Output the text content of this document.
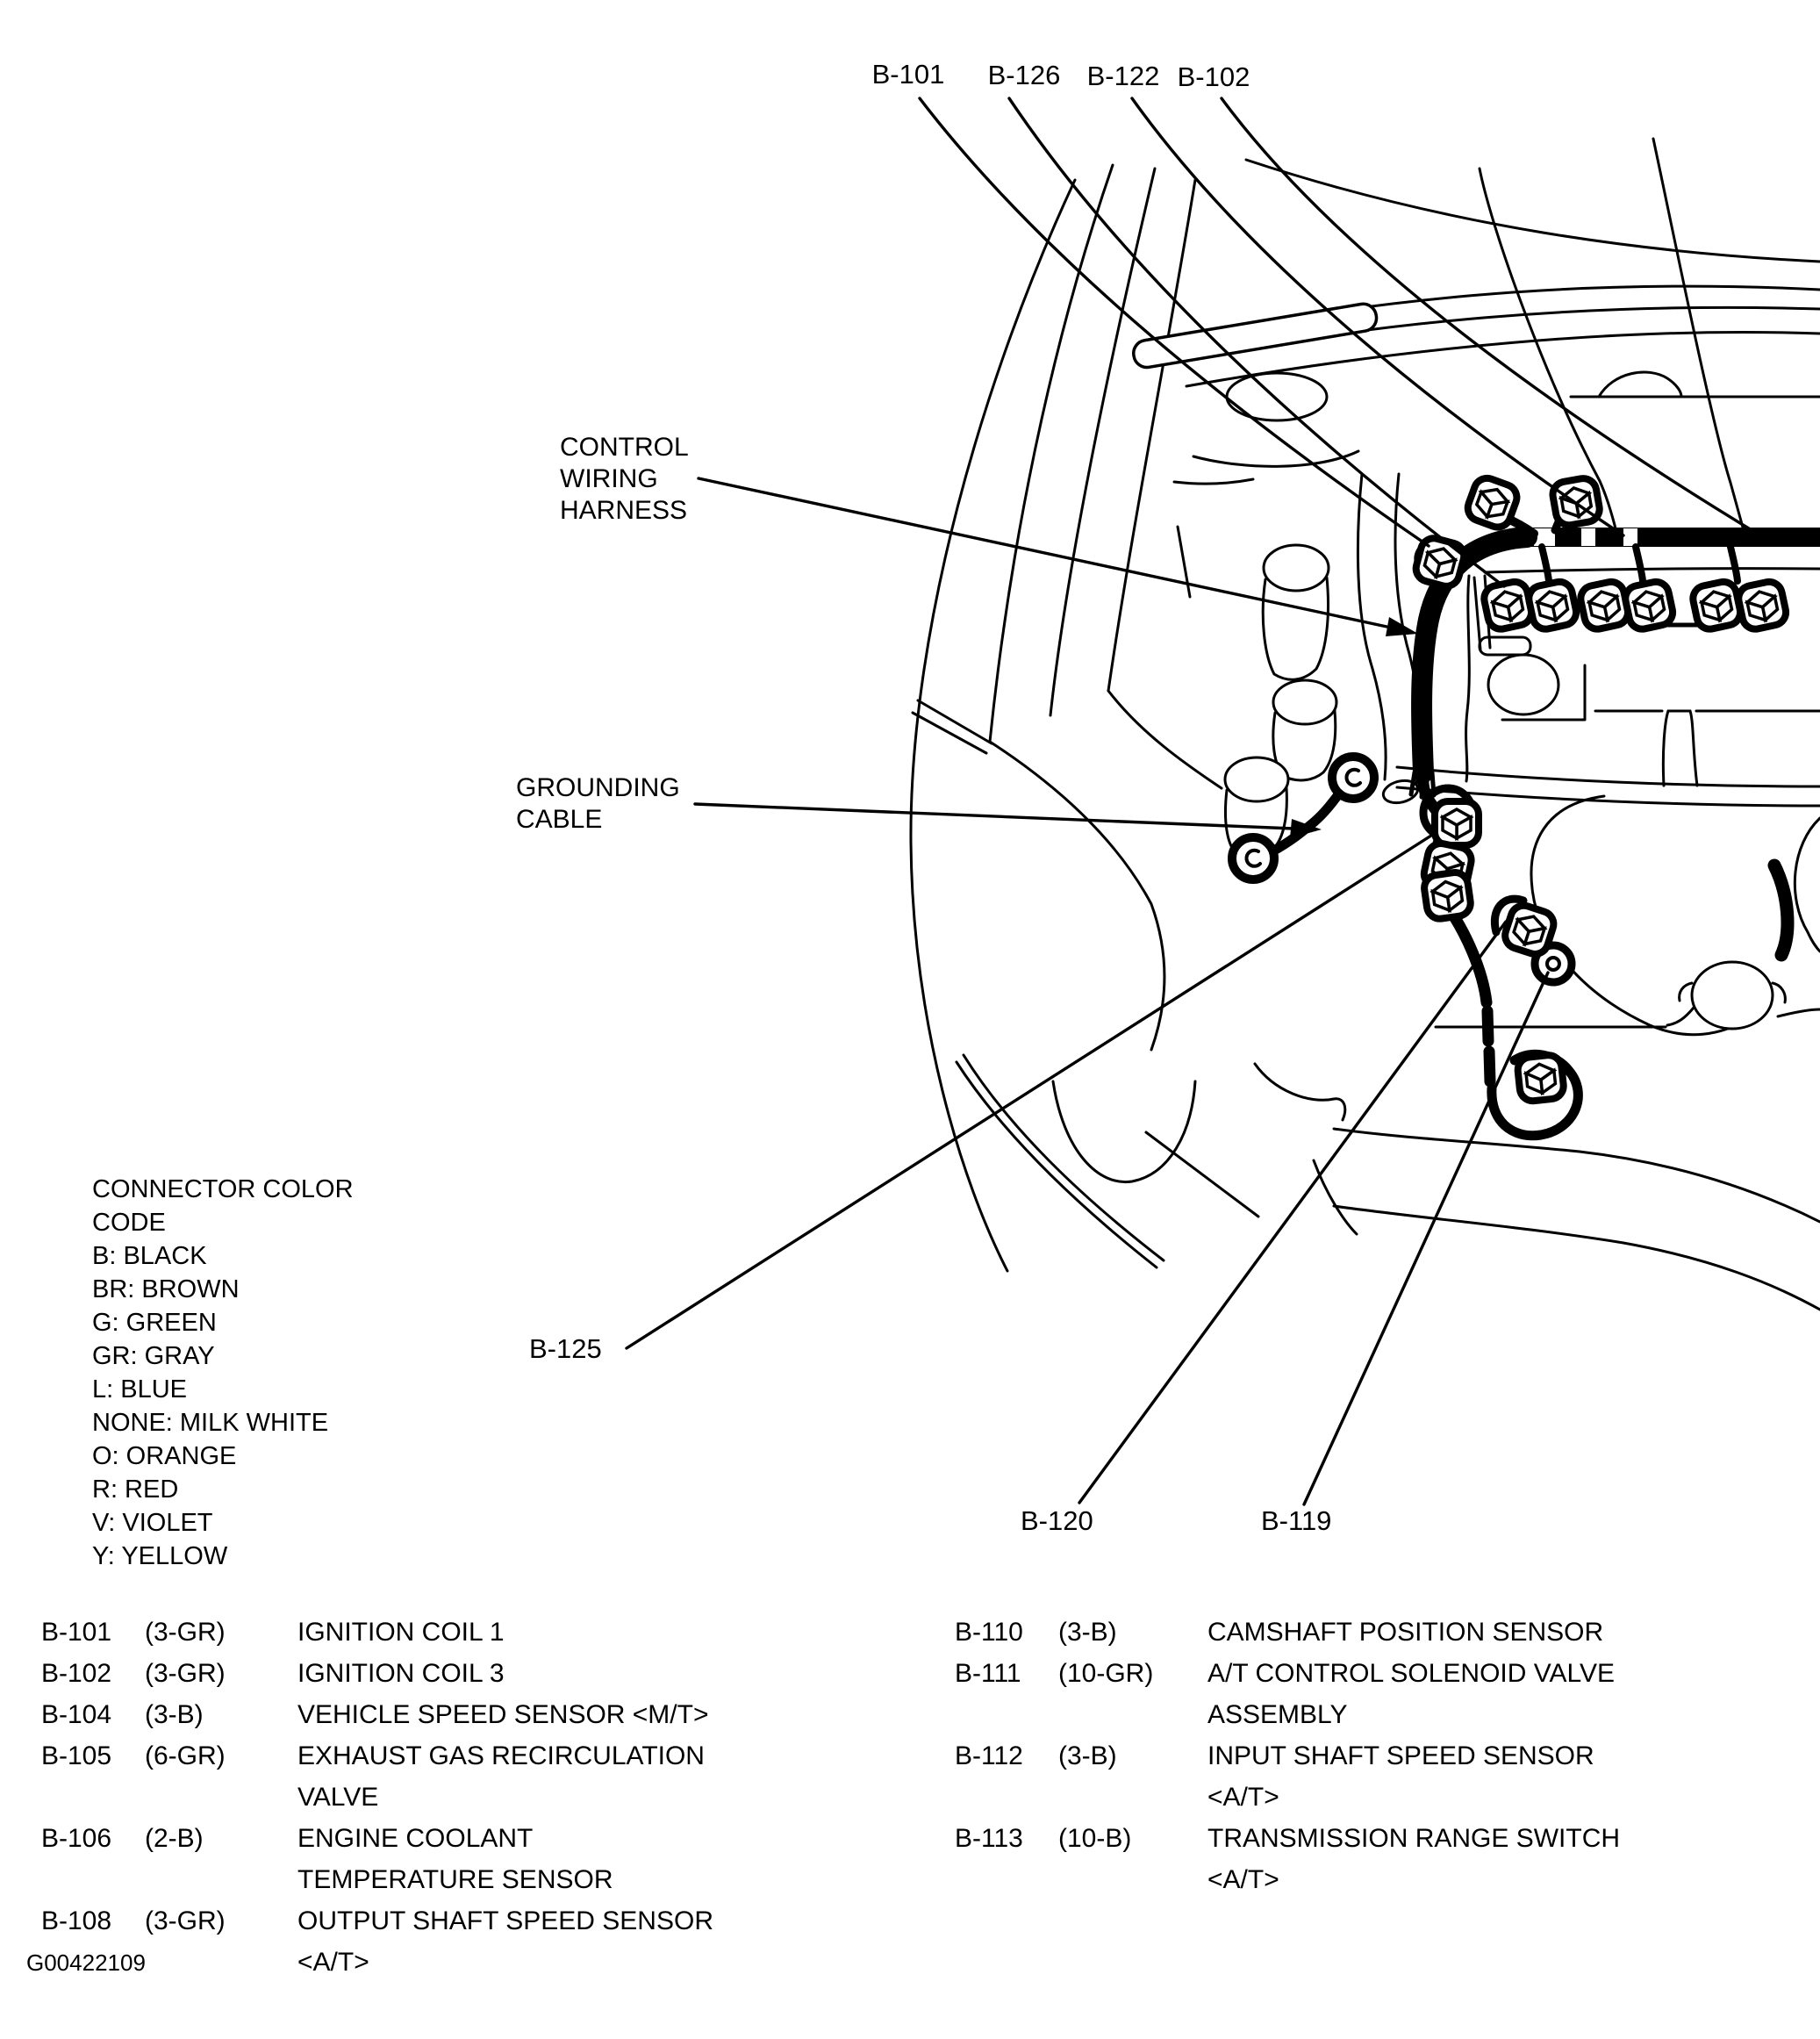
B-101	B-126 B-122 B-102
CONTROL WIRING HARNESS
GROUNDING CABLE
B-125
B-120	B-119
CONNECTOR COLOR CODE
B: BLACK
BR: BROWN
G: GREEN
GR: GRAY
L: BLUE
NONE: MILK WHITE
O: ORANGE
R: RED
V: VIOLET
Y: YELLOW
B-101	(3-GR)	IGNITION COIL 1
B-102	(3-GR)	IGNITION COIL 3
B-104	(3-B)	VEHICLE SPEED SENSOR <M/T>
B-105	(6-GR)	EXHAUST GAS RECIRCULATION VALVE
B-106	(2-B)	ENGINE COOLANT TEMPERATURE SENSOR
B-108	(3-GR)	OUTPUT SHAFT SPEED SENSOR <A/T>
B-110	(3-B)	CAMSHAFT POSITION SENSOR
B-111	(10-GR)	A/T CONTROL SOLENOID VALVE ASSEMBLY
B-112	(3-B)	INPUT SHAFT SPEED SENSOR <A/T>
B-113	(10-B)	TRANSMISSION RANGE SWITCH <A/T>
G00422109
